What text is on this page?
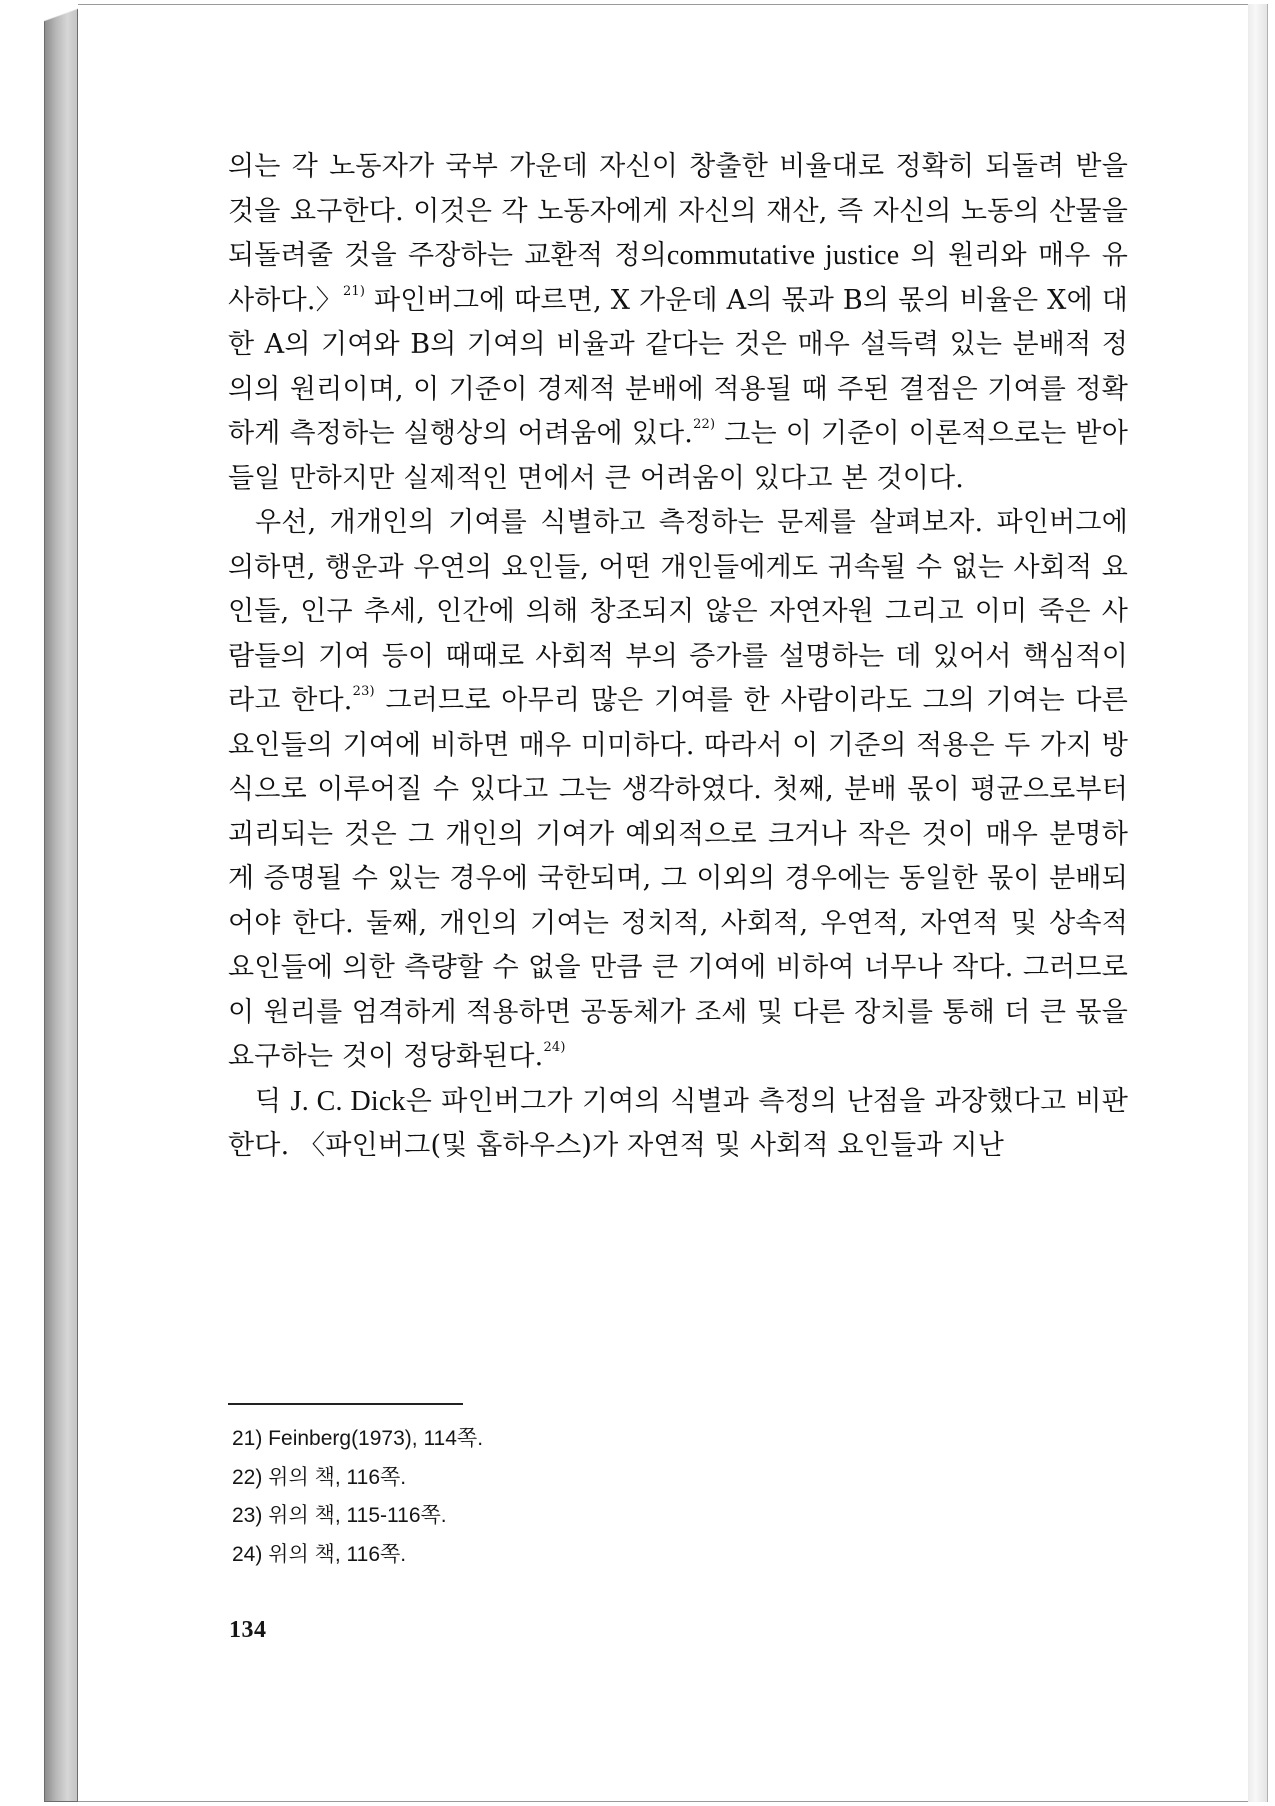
의는 각 노동자가 국부 가운데 자신이 창출한 비율대로 정확히 되돌려 받을 것을 요구한다. 이것은 각 노동자에게 자신의 재산, 즉 자신의 노동의 산물을 되돌려줄 것을 주장하는 교환적 정의commutative justice 의 원리와 매우 유사하다.〉$^{21)}$ 파인버그에 따르면, X 가운데 A의 몫과 B의 몫의 비율은 X에 대한 A의 기여와 B의 기여의 비율과 같다는 것은 매우 설득력 있는 분배적 정의의 원리이며, 이 기준이 경제적 분배에 적용될 때 주된 결점은 기여를 정확하게 측정하는 실행상의 어려움에 있다.$^{22)}$ 그는 이 기준이 이론적으로는 받아들일 만하지만 실제적인 면에서 큰 어려움이 있다고 본 것이다.

우선, 개개인의 기여를 식별하고 측정하는 문제를 살펴보자. 파인버그에 의하면, 행운과 우연의 요인들, 어떤 개인들에게도 귀속될 수 없는 사회적 요인들, 인구 추세, 인간에 의해 창조되지 않은 자연자원 그리고 이미 죽은 사람들의 기여 등이 때때로 사회적 부의 증가를 설명하는 데 있어서 핵심적이라고 한다.$^{23)}$ 그러므로 아무리 많은 기여를 한 사람이라도 그의 기여는 다른 요인들의 기여에 비하면 매우 미미하다. 따라서 이 기준의 적용은 두 가지 방식으로 이루어질 수 있다고 그는 생각하였다. 첫째, 분배 몫이 평균으로부터 괴리되는 것은 그 개인의 기여가 예외적으로 크거나 작은 것이 매우 분명하게 증명될 수 있는 경우에 국한되며, 그 이외의 경우에는 동일한 몫이 분배되어야 한다. 둘째, 개인의 기여는 정치적, 사회적, 우연적, 자연적 및 상속적 요인들에 의한 측량할 수 없을 만큼 큰 기여에 비하여 너무나 작다. 그러므로 이 원리를 엄격하게 적용하면 공동체가 조세 및 다른 장치를 통해 더 큰 몫을 요구하는 것이 정당화된다.$^{24)}$

딕 J. C. Dick은 파인버그가 기여의 식별과 측정의 난점을 과장했다고 비판한다. 〈파인버그(및 홉하우스)가 자연적 및 사회적 요인들과 지난

21) Feinberg(1973), 114쪽.
22) 위의 책, 116쪽.
23) 위의 책, 115-116쪽.
24) 위의 책, 116쪽.
134
